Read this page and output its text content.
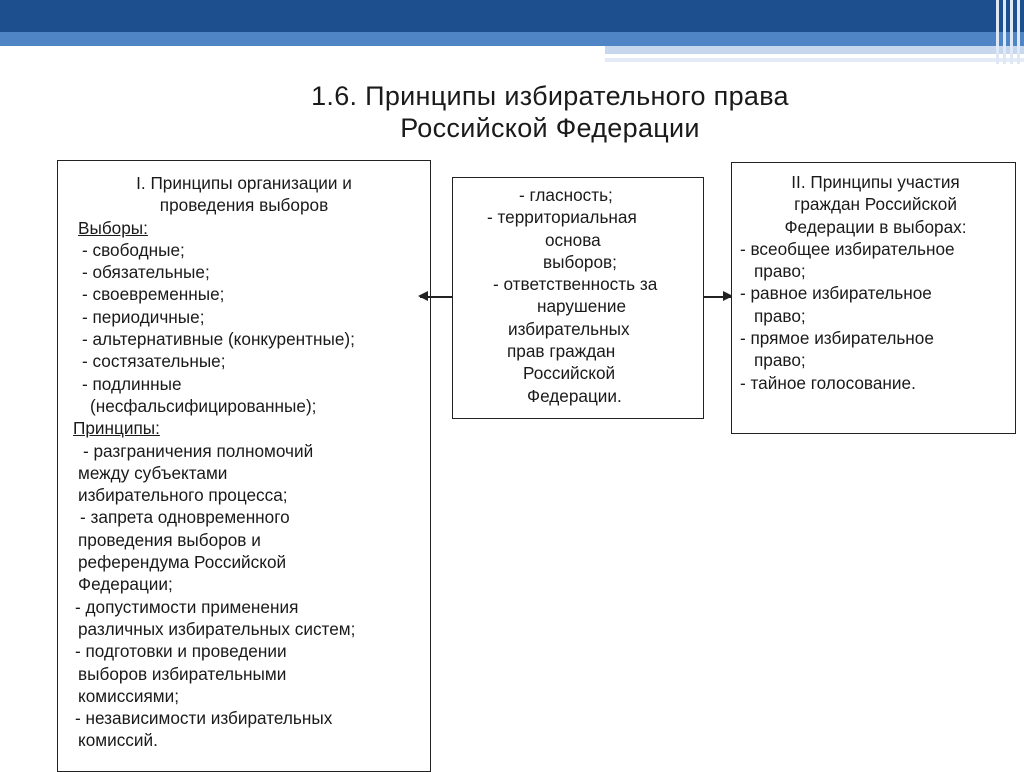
1.6. Принципы избирательного права
Российской Федерации
I. Принципы организации и
проведения выборов
Выборы:
- свободные;
- обязательные;
- своевременные;
- периодичные;
- альтернативные (конкурентные);
- состязательные;
- подлинные
(несфальсифицированные);
Принципы:
- разграничения полномочий
между субъектами
избирательного процесса;
- запрета одновременного
проведения выборов и
референдума Российской
Федерации;
- допустимости применения
различных избирательных систем;
- подготовки и проведении
выборов избирательными
комиссиями;
- независимости избирательных
комиссий.
- гласность;
- территориальная
основа
выборов;
- ответственность за
нарушение
избирательных
прав граждан
Российской
Федерации.
II. Принципы участия
граждан Российской
Федерации в выборах:
- всеобщее избирательное
право;
- равное избирательное
право;
- прямое избирательное
право;
- тайное голосование.
